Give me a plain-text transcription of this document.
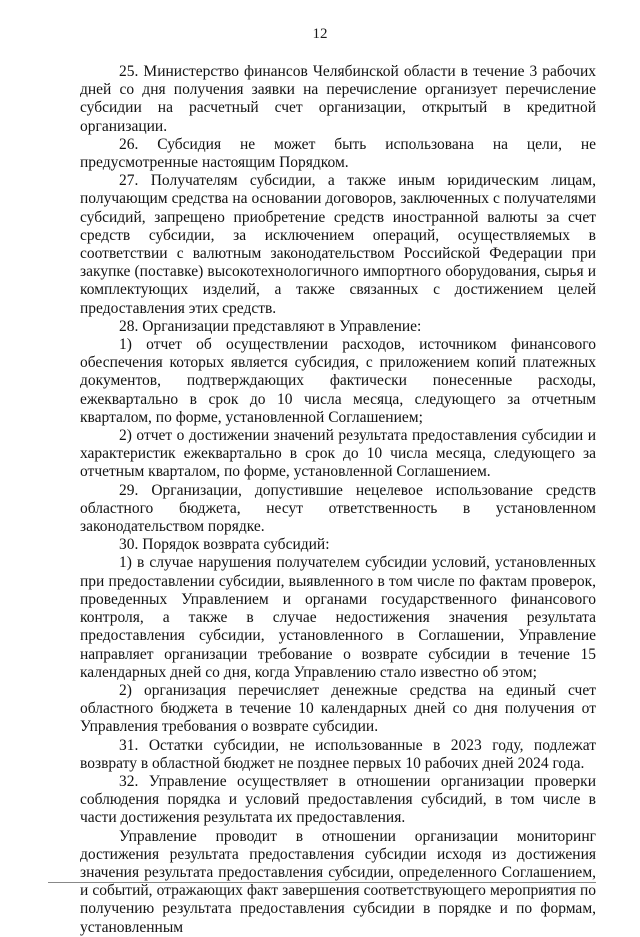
12

25. Министерство финансов Челябинской области в течение 3 рабочих дней со дня получения заявки на перечисление организует перечисление субсидии на расчетный счет организации, открытый в кредитной организации.

26. Субсидия не может быть использована на цели, не предусмотренные настоящим Порядком.

27. Получателям субсидии, а также иным юридическим лицам, получающим средства на основании договоров, заключенных с получателями субсидий, запрещено приобретение средств иностранной валюты за счет средств субсидии, за исключением операций, осуществляемых в соответствии с валютным законодательством Российской Федерации при закупке (поставке) высокотехнологичного импортного оборудования, сырья и комплектующих изделий, а также связанных с достижением целей предоставления этих средств.

28. Организации представляют в Управление:

1) отчет об осуществлении расходов, источником финансового обеспечения которых является субсидия, с приложением копий платежных документов, подтверждающих фактически понесенные расходы, ежеквартально в срок до 10 числа месяца, следующего за отчетным кварталом, по форме, установленной Соглашением;

2) отчет о достижении значений результата предоставления субсидии и характеристик ежеквартально в срок до 10 числа месяца, следующего за отчетным кварталом, по форме, установленной Соглашением.

29. Организации, допустившие нецелевое использование средств областного бюджета, несут ответственность в установленном законодательством порядке.

30. Порядок возврата субсидий:

1) в случае нарушения получателем субсидии условий, установленных при предоставлении субсидии, выявленного в том числе по фактам проверок, проведенных Управлением и органами государственного финансового контроля, а также в случае недостижения значения результата предоставления субсидии, установленного в Соглашении, Управление направляет организации требование о возврате субсидии в течение 15 календарных дней со дня, когда Управлению стало известно об этом;

2) организация перечисляет денежные средства на единый счет областного бюджета в течение 10 календарных дней со дня получения от Управления требования о возврате субсидии.

31. Остатки субсидии, не использованные в 2023 году, подлежат возврату в областной бюджет не позднее первых 10 рабочих дней 2024 года.

32. Управление осуществляет в отношении организации проверки соблюдения порядка и условий предоставления субсидий, в том числе в части достижения результата их предоставления.

Управление проводит в отношении организации мониторинг достижения результата предоставления субсидии исходя из достижения значения результата предоставления субсидии, определенного Соглашением, и событий, отражающих факт завершения соответствующего мероприятия по получению результата предоставления субсидии в порядке и по формам, установленным
